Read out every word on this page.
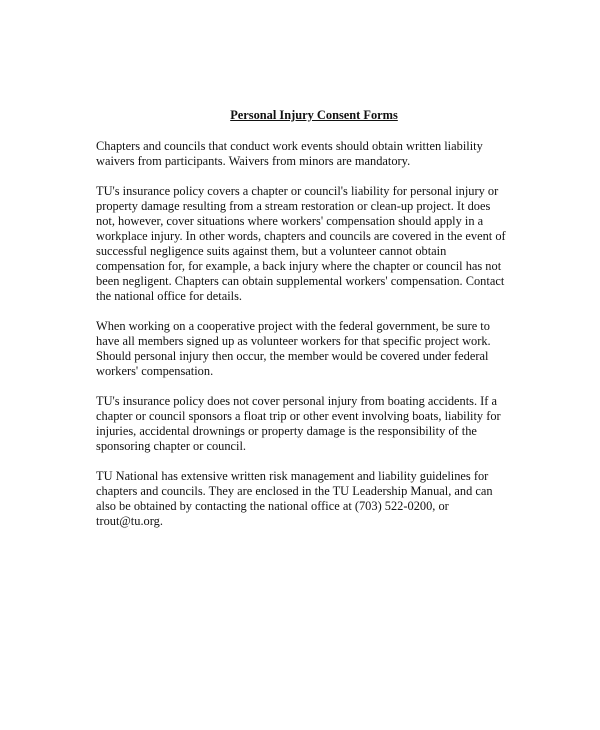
Personal Injury Consent Forms
Chapters and councils that conduct work events should obtain written liability
waivers from participants. Waivers from minors are mandatory.
TU's insurance policy covers a chapter or council's liability for personal injury or
property damage resulting from a stream restoration or clean-up project. It does
not, however, cover situations where workers' compensation should apply in a
workplace injury. In other words, chapters and councils are covered in the event of
successful negligence suits against them, but a volunteer cannot obtain
compensation for, for example, a back injury where the chapter or council has not
been negligent. Chapters can obtain supplemental workers' compensation. Contact
the national office for details.
When working on a cooperative project with the federal government, be sure to
have all members signed up as volunteer workers for that specific project work.
Should personal injury then occur, the member would be covered under federal
workers' compensation.
TU's insurance policy does not cover personal injury from boating accidents. If a
chapter or council sponsors a float trip or other event involving boats, liability for
injuries, accidental drownings or property damage is the responsibility of the
sponsoring chapter or council.
TU National has extensive written risk management and liability guidelines for
chapters and councils. They are enclosed in the TU Leadership Manual, and can
also be obtained by contacting the national office at (703) 522-0200, or
trout@tu.org.
